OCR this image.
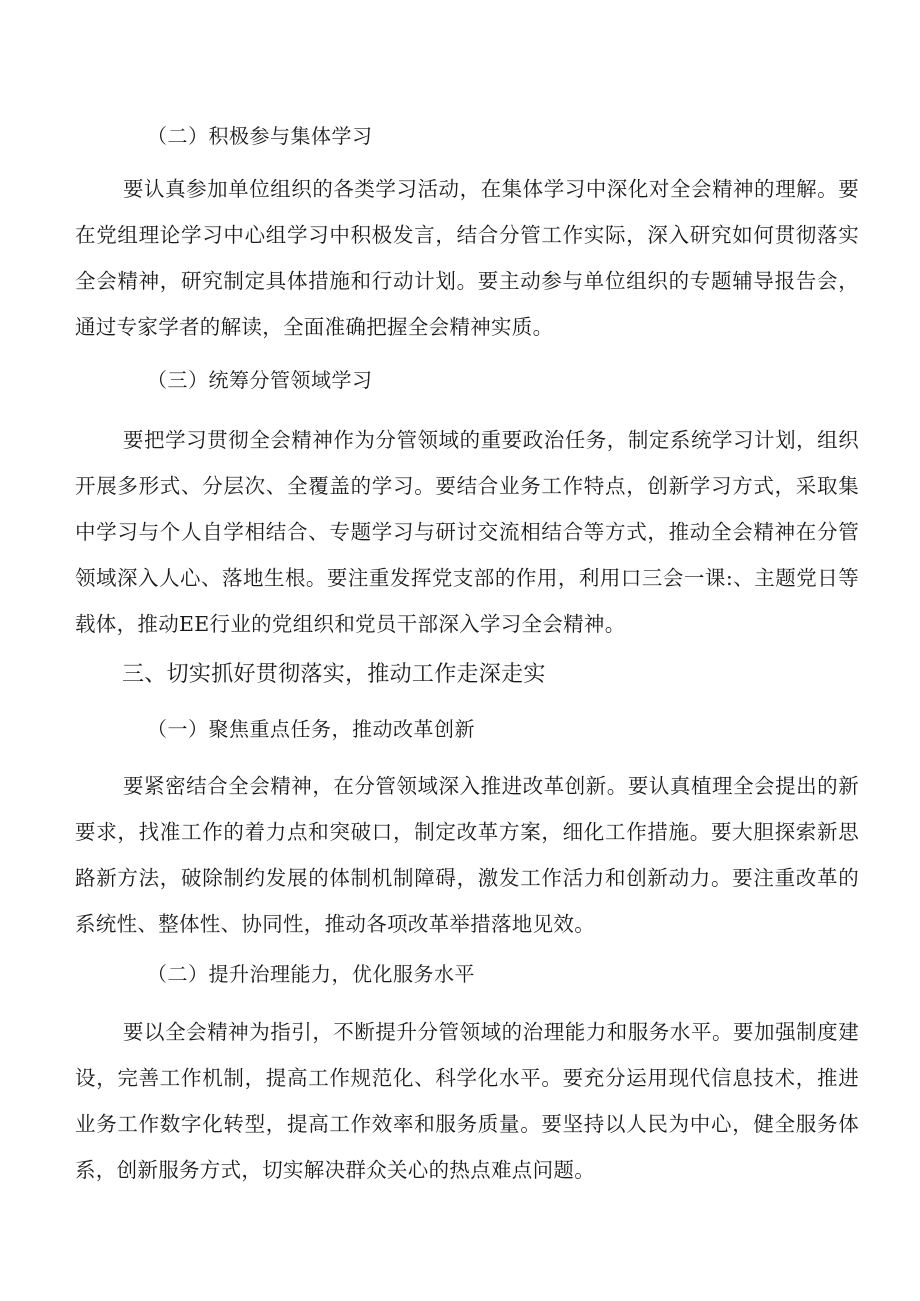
（二）积极参与集体学习

要认真参加单位组织的各类学习活动，在集体学习中深化对全会精神的理解。要在党组理论学习中心组学习中积极发言，结合分管工作实际，深入研究如何贯彻落实全会精神，研究制定具体措施和行动计划。要主动参与单位组织的专题辅导报告会，通过专家学者的解读，全面准确把握全会精神实质。

（三）统筹分管领域学习

要把学习贯彻全会精神作为分管领域的重要政治任务，制定系统学习计划，组织开展多形式、分层次、全覆盖的学习。要结合业务工作特点，创新学习方式，采取集中学习与个人自学相结合、专题学习与研讨交流相结合等方式，推动全会精神在分管领域深入人心、落地生根。要注重发挥党支部的作用，利用口三会一课:、主题党日等载体，推动EE行业的党组织和党员干部深入学习全会精神。

三、切实抓好贯彻落实，推动工作走深走实
（一）聚焦重点任务，推动改革创新

要紧密结合全会精神，在分管领域深入推进改革创新。要认真植理全会提出的新要求，找准工作的着力点和突破口，制定改革方案，细化工作措施。要大胆探索新思路新方法，破除制约发展的体制机制障碍，激发工作活力和创新动力。要注重改革的系统性、整体性、协同性，推动各项改革举措落地见效。

（二）提升治理能力，优化服务水平

要以全会精神为指引，不断提升分管领域的治理能力和服务水平。要加强制度建设，完善工作机制，提高工作规范化、科学化水平。要充分运用现代信息技术，推进业务工作数字化转型，提高工作效率和服务质量。要坚持以人民为中心，健全服务体系，创新服务方式，切实解决群众关心的热点难点问题。
